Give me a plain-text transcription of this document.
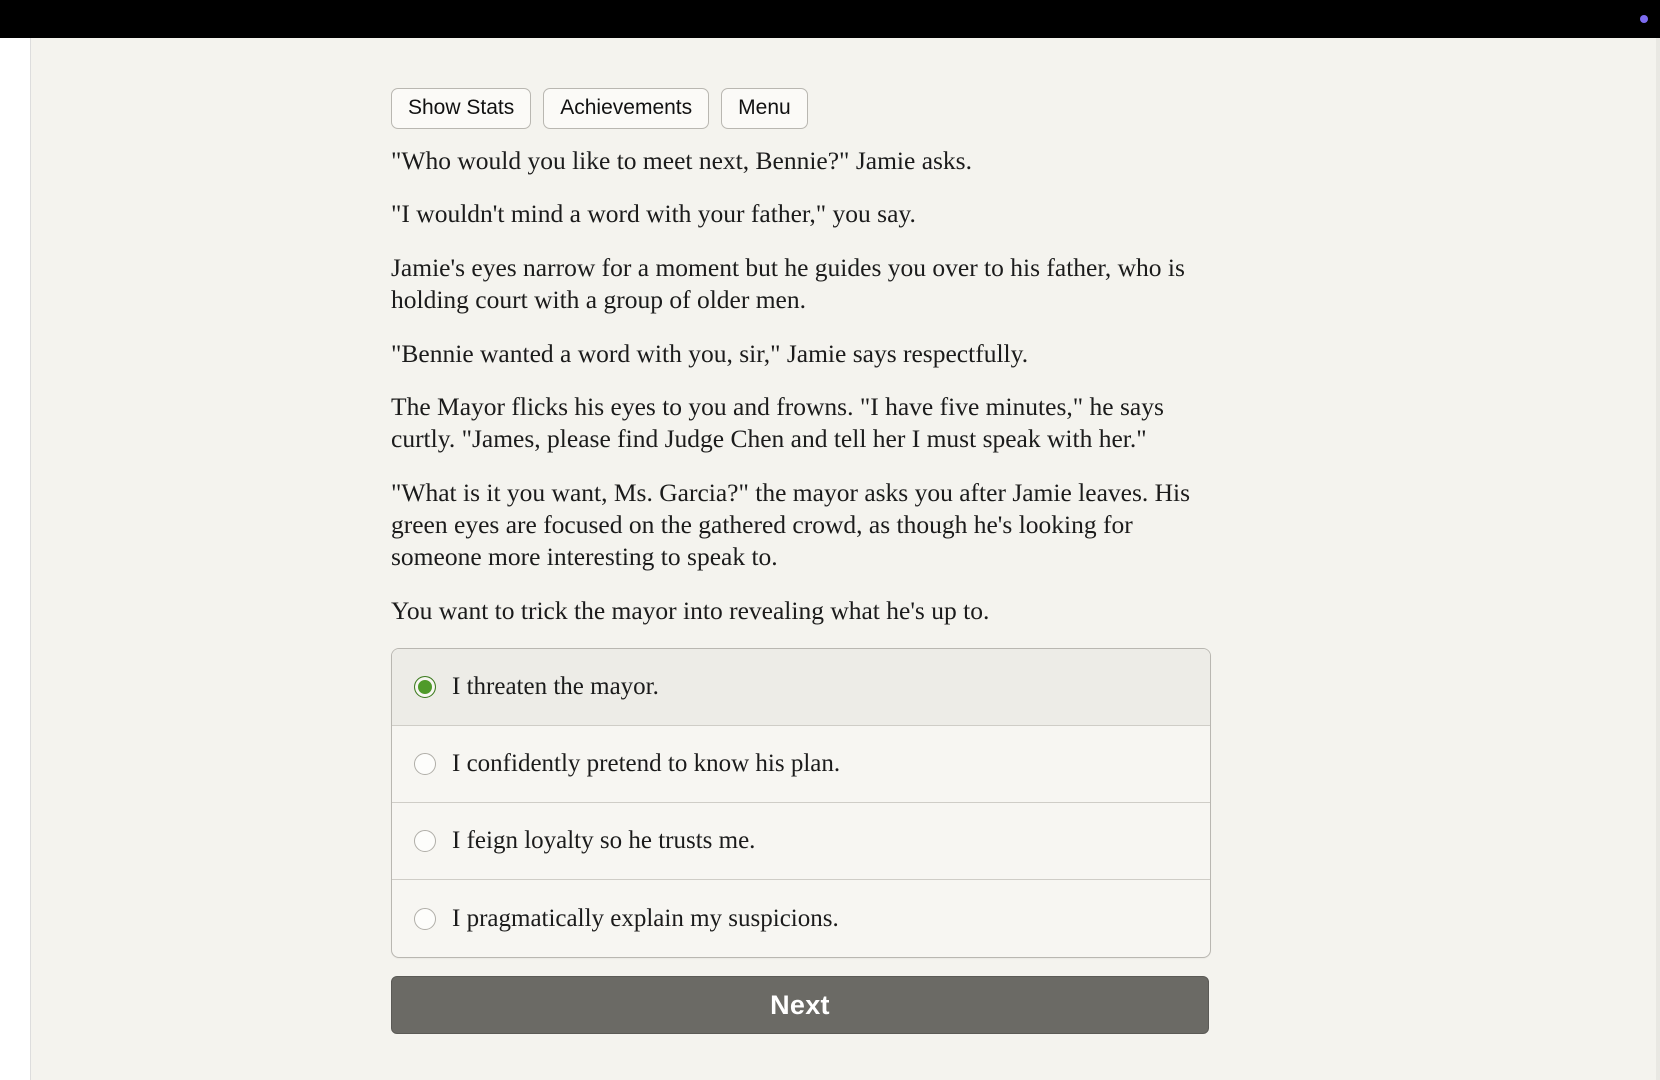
Show Stats	Achievements	Menu

"Who would you like to meet next, Bennie?" Jamie asks.

"I wouldn't mind a word with your father," you say.

Jamie's eyes narrow for a moment but he guides you over to his father, who is holding court with a group of older men.

"Bennie wanted a word with you, sir," Jamie says respectfully.

The Mayor flicks his eyes to you and frowns. "I have five minutes," he says curtly. "James, please find Judge Chen and tell her I must speak with her."

"What is it you want, Ms. Garcia?" the mayor asks you after Jamie leaves. His green eyes are focused on the gathered crowd, as though he's looking for someone more interesting to speak to.

You want to trick the mayor into revealing what he's up to.

I threaten the mayor.
I confidently pretend to know his plan.
I feign loyalty so he trusts me.
I pragmatically explain my suspicions.
Next
